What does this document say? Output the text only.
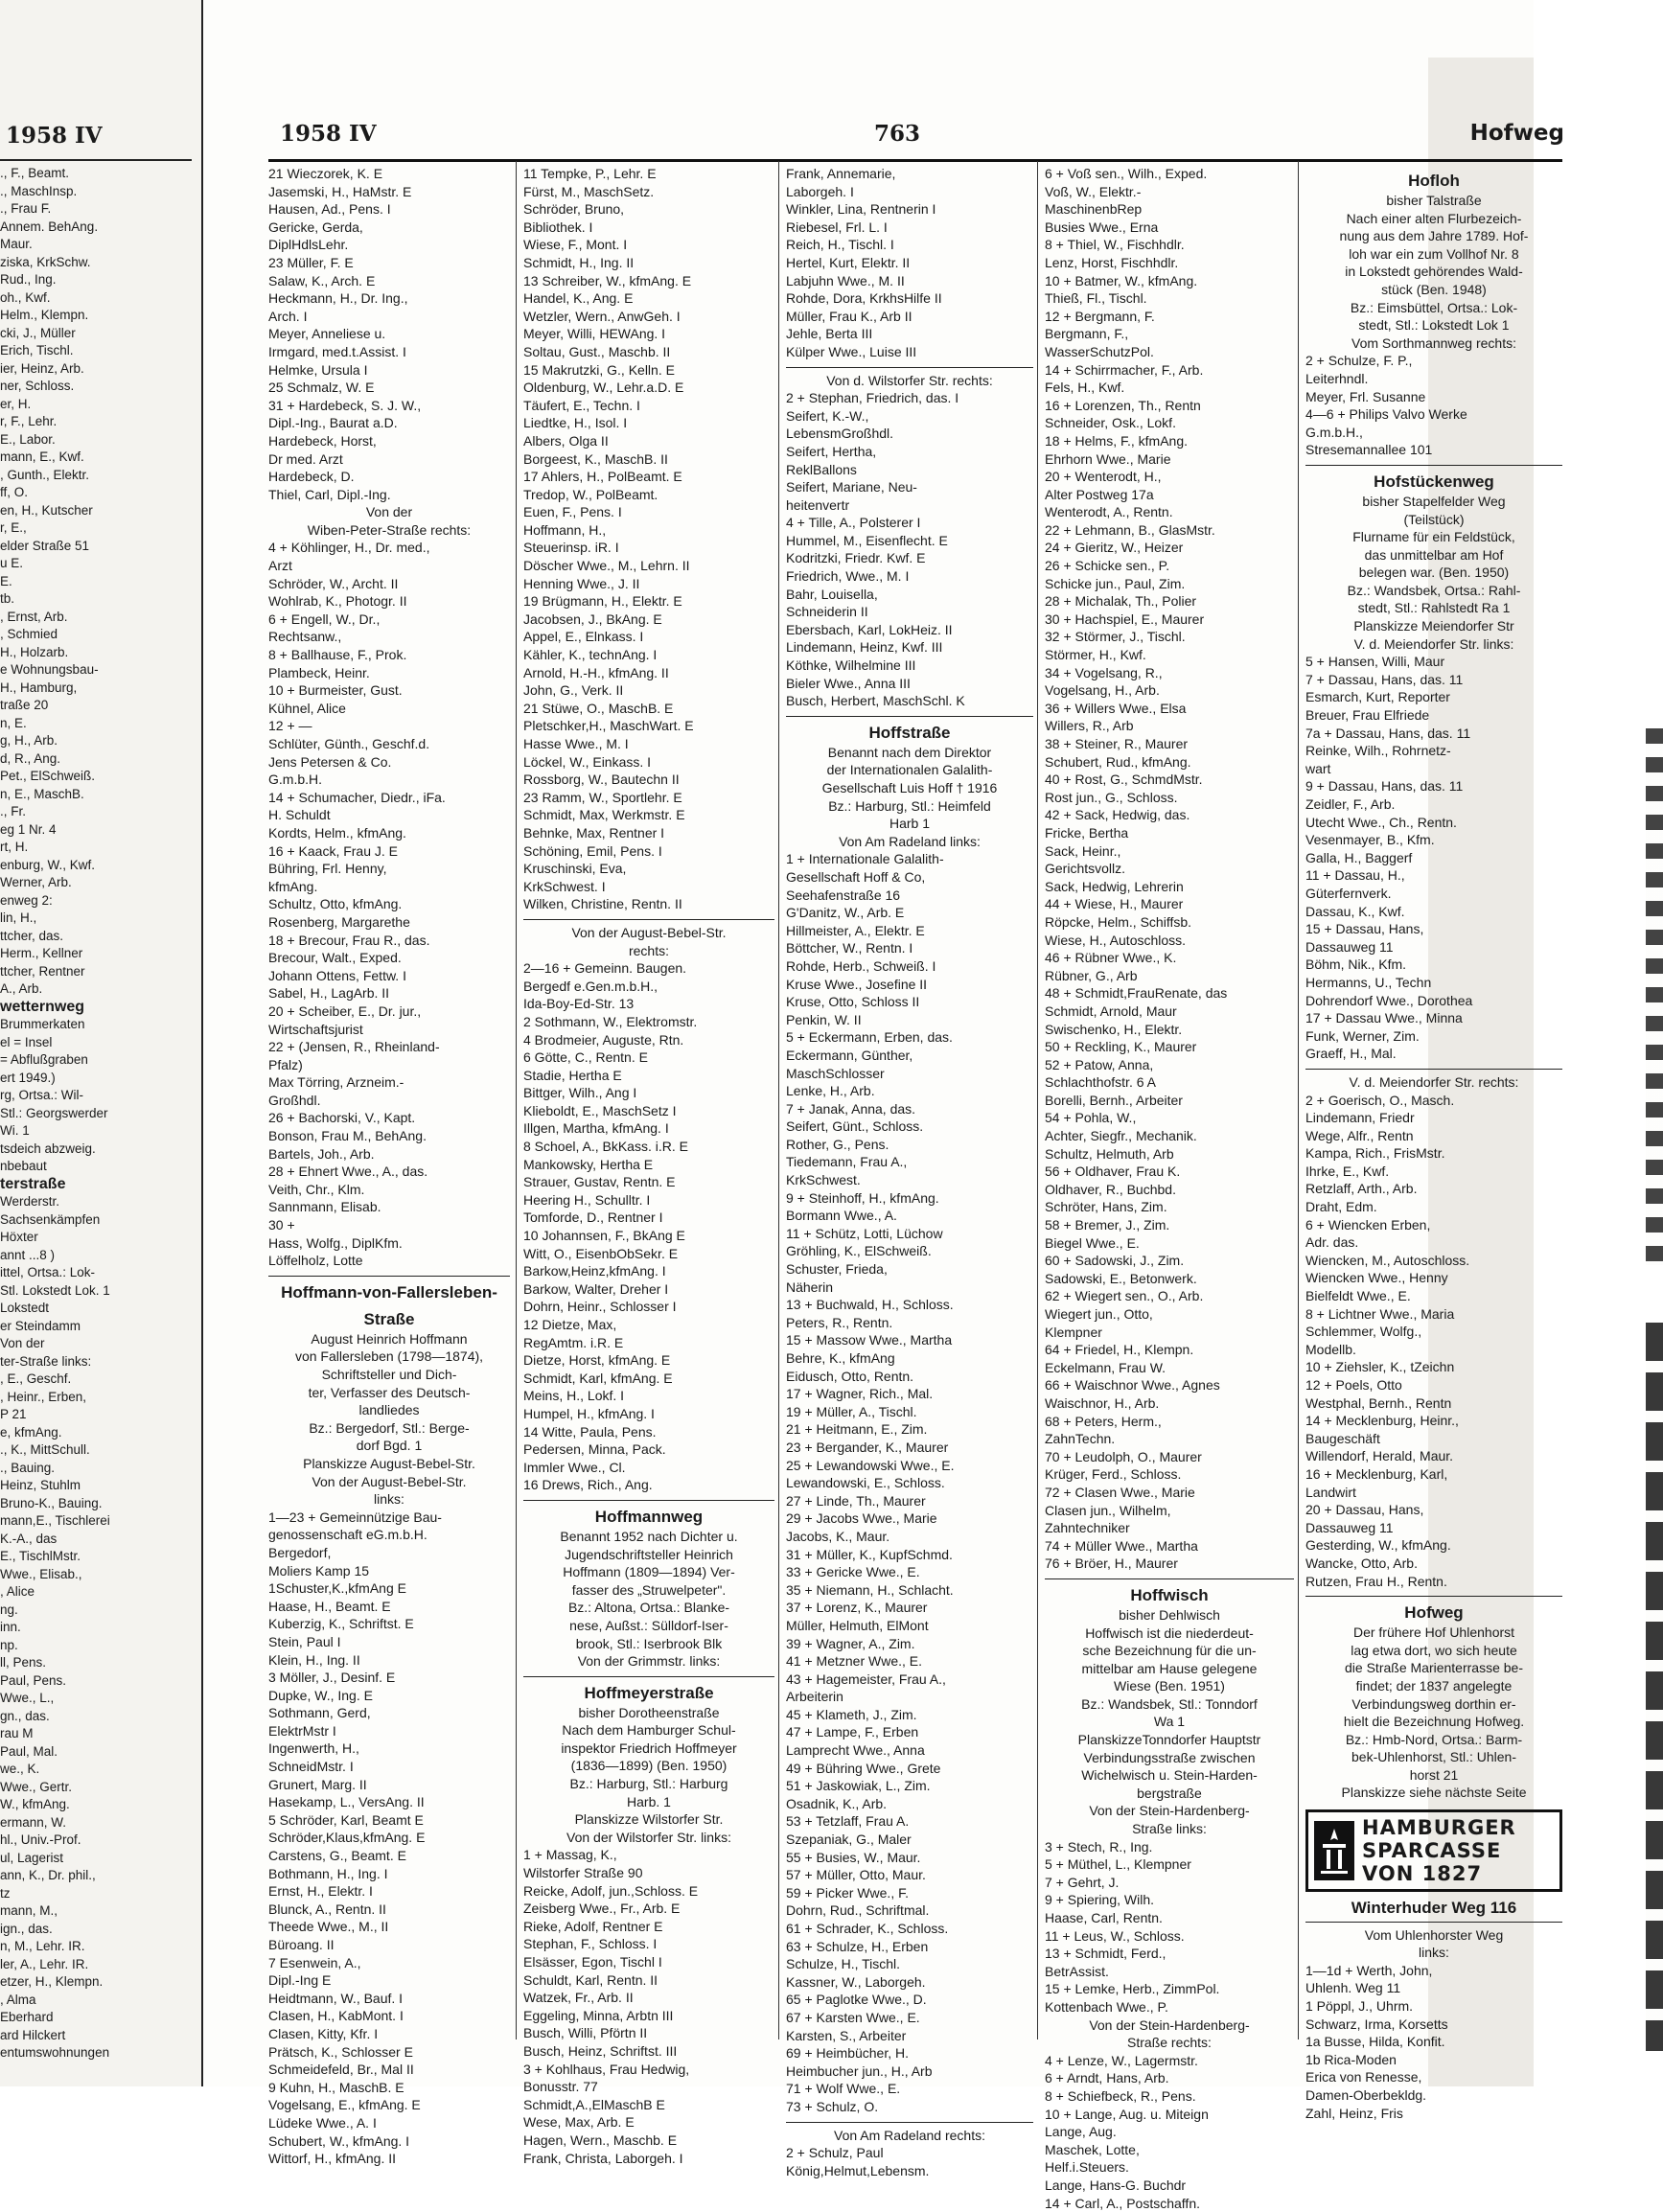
1958 IV
., F., Beamt.
., MaschInsp.
., Frau F.
Annem. BehAng.
Maur.
ziska, KrkSchw.
Rud., Ing.
oh., Kwf.
Helm., Klempn.
cki, J., Müller
Erich, Tischl.
ier, Heinz, Arb.
ner, Schloss.
er, H.
r, F., Lehr.
E., Labor.
mann, E., Kwf.
, Gunth., Elektr.
ff, O.
en, H., Kutscher
r, E.,
elder Straße 51
u E.
E.
tb.
, Ernst, Arb.
, Schmied
H., Holzarb.
e Wohnungsbau-
H., Hamburg,
traße 20
n, E.
g, H., Arb.
d, R., Ang.
Pet., ElSchweiß.
n, E., MaschB.
., Fr.
eg 1 Nr. 4
rt, H.
enburg, W., Kwf.
Werner, Arb.
enweg 2:
lin, H.,
ttcher, das.
Herm., Kellner
ttcher, Rentner
A., Arb.
wetternweg
Brummerkaten
el = Insel
= Abflußgraben
ert 1949.)
rg, Ortsa.: Wil-
Stl.: Georgswerder
Wi. 1
tsdeich abzweig.
nbebaut
terstraße
Werderstr.
Sachsenkämpfen
Höxter
annt ...8 )
ittel, Ortsa.: Lok-
Stl. Lokstedt Lok. 1
Lokstedt
er Steindamm
Von der
ter-Straße links:
, E., Geschf.
, Heinr., Erben,
P 21
e, kfmAng.
., K., MittSchull.
., Bauing.
Heinz, Stuhlm
Bruno-K., Bauing.
mann,E., Tischlerei
K.-A., das
E., TischlMstr.
Wwe., Elisab.,
, Alice
ng.
inn.
np.
ll, Pens.
Paul, Pens.
Wwe., L.,
gn., das.
rau M
Paul, Mal.
we., K.
Wwe., Gertr.
W., kfmAng.
ermann, W.
hl., Univ.-Prof.
ul, Lagerist
ann, K., Dr. phil.,
tz
mann, M.,
ign., das.
n, M., Lehr. IR.
ler, A., Lehr. IR.
etzer, H., Klempn.
, Alma
Eberhard
ard Hilckert
entumswohnungen
1958 IV	763	Hofweg
21 Wieczorek, K. E
Jasemski, H., HaMstr. E
Hausen, Ad., Pens. I
Gericke, Gerda,
DiplHdlsLehr.
23 Müller, F. E
Salaw, K., Arch. E
Heckmann, H., Dr. Ing.,
Arch. I
Meyer, Anneliese u.
Irmgard, med.t.Assist. I
Helmke, Ursula I
25 Schmalz, W. E
31 + Hardebeck, S. J. W.,
Dipl.-Ing., Baurat a.D.
Hardebeck, Horst,
Dr med. Arzt
Hardebeck, D.
Thiel, Carl, Dipl.-Ing.
Von der
Wiben-Peter-Straße rechts:
4 + Köhlinger, H., Dr. med.,
Arzt
Schröder, W., Archt. II
Wohlrab, K., Photogr. II
6 + Engell, W., Dr.,
Rechtsanw.,
8 + Ballhause, F., Prok.
Plambeck, Heinr.
10 + Burmeister, Gust.
Kühnel, Alice
12 + —
Schlüter, Günth., Geschf.d.
Jens Petersen & Co.
G.m.b.H.
14 + Schumacher, Diedr., iFa.
H. Schuldt
Kordts, Helm., kfmAng.
16 + Kaack, Frau J. E
Bühring, Frl. Henny,
kfmAng.
Schultz, Otto, kfmAng.
Rosenberg, Margarethe
18 + Brecour, Frau R., das.
Brecour, Walt., Exped.
Johann Ottens, Fettw. I
Sabel, H., LagArb. II
20 + Scheiber, E., Dr. jur.,
Wirtschaftsjurist
22 + (Jensen, R., Rheinland-
Pfalz)
Max Törring, Arzneim.-
Großhdl.
26 + Bachorski, V., Kapt.
Bonson, Frau M., BehAng.
Bartels, Joh., Arb.
28 + Ehnert Wwe., A., das.
Veith, Chr., Klm.
Sannmann, Elisab.
30 +
Hass, Wolfg., DiplKfm.
Löffelholz, Lotte
Hoffmann-von-Fallersleben-
Straße
August Heinrich Hoffmann
von Fallersleben (1798—1874),
Schriftsteller und Dich-
ter, Verfasser des Deutsch-
landliedes
Bz.: Bergedorf, Stl.: Berge-
dorf Bgd. 1
Planskizze August-Bebel-Str.
Von der August-Bebel-Str.
links:
1—23 + Gemeinnützige Bau-
genossenschaft eG.m.b.H.
Bergedorf,
Moliers Kamp 15
1Schuster,K.,kfmAng E
Haase, H., Beamt. E
Kuberzig, K., Schriftst. E
Stein, Paul I
Klein, H., Ing. II
3 Möller, J., Desinf. E
Dupke, W., Ing. E
Sothmann, Gerd,
ElektrMstr I
Ingenwerth, H.,
SchneidMstr. I
Grunert, Marg. II
Hasekamp, L., VersAng. II
5 Schröder, Karl, Beamt E
Schröder,Klaus,kfmAng. E
Carstens, G., Beamt. E
Bothmann, H., Ing. I
Ernst, H., Elektr. I
Blunck, A., Rentn. II
Theede Wwe., M., II
Büroang. II
7 Esenwein, A.,
Dipl.-Ing E
Heidtmann, W., Bauf. I
Clasen, H., KabMont. I
Clasen, Kitty, Kfr. I
Prätsch, K., Schlosser E
Schmeidefeld, Br., Mal II
9 Kuhn, H., MaschB. E
Vogelsang, E., kfmAng. E
Lüdeke Wwe., A. I
Schubert, W., kfmAng. I
Wittorf, H., kfmAng. II
11 Tempke, P., Lehr. E
Fürst, M., MaschSetz.
Schröder, Bruno,
Bibliothek. I
Wiese, F., Mont. I
Schmidt, H., Ing. II
13 Schreiber, W., kfmAng. E
Handel, K., Ang. E
Wetzler, Wern., AnwGeh. I
Meyer, Willi, HEWAng. I
Soltau, Gust., Maschb. II
15 Makrutzki, G., Kelln. E
Oldenburg, W., Lehr.a.D. E
Täufert, E., Techn. I
Liedtke, H., Isol. I
Albers, Olga II
Borgeest, K., MaschB. II
17 Ahlers, H., PolBeamt. E
Tredop, W., PolBeamt.
Euen, F., Pens. I
Hoffmann, H.,
Steuerinsp. iR. I
Döscher Wwe., M., Lehrn. II
Henning Wwe., J. II
19 Brügmann, H., Elektr. E
Jacobsen, J., BkAng. E
Appel, E., Elnkass. I
Kähler, K., technAng. I
Arnold, H.-H., kfmAng. II
John, G., Verk. II
21 Stüwe, O., MaschB. E
Pletschker,H., MaschWart. E
Hasse Wwe., M. I
Löckel, W., Einkass. I
Rossborg, W., Bautechn II
23 Ramm, W., Sportlehr. E
Schmidt, Max, Werkmstr. E
Behnke, Max, Rentner I
Schöning, Emil, Pens. I
Kruschinski, Eva,
KrkSchwest. I
Wilken, Christine, Rentn. II
Von der August-Bebel-Str.
rechts:
2—16 + Gemeinn. Baugen.
Bergedf e.Gen.m.b.H.,
Ida-Boy-Ed-Str. 13
2 Sothmann, W., Elektromstr.
4 Brodmeier, Auguste, Rtn.
6 Götte, C., Rentn. E
Stadie, Hertha E
Bittger, Wilh., Ang I
Klieboldt, E., MaschSetz I
Illgen, Martha, kfmAng. I
8 Schoel, A., BkKass. i.R. E
Mankowsky, Hertha E
Strauer, Gustav, Rentn. E
Heering H., Schulltr. I
Tomforde, D., Rentner I
10 Johannsen, F., BkAng E
Witt, O., EisenbObSekr. E
Barkow,Heinz,kfmAng. I
Barkow, Walter, Dreher I
Dohrn, Heinr., Schlosser I
12 Dietze, Max,
RegAmtm. i.R. E
Dietze, Horst, kfmAng. E
Schmidt, Karl, kfmAng. E
Meins, H., Lokf. I
Humpel, H., kfmAng. I
14 Witte, Paula, Pens.
Pedersen, Minna, Pack.
Immler Wwe., Cl.
16 Drews, Rich., Ang.
Hoffmannweg
Benannt 1952 nach Dichter u.
Jugendschriftsteller Heinrich
Hoffmann (1809—1894) Ver-
fasser des „Struwelpeter".
Bz.: Altona, Ortsa.: Blanke-
nese, Außst.: Sülldorf-Iser-
brook, Stl.: Iserbrook Blk
Von der Grimmstr. links:
Hoffmeyerstraße
bisher Dorotheenstraße
Nach dem Hamburger Schul-
inspektor Friedrich Hoffmeyer
(1836—1899) (Ben. 1950)
Bz.: Harburg, Stl.: Harburg
Harb. 1
Planskizze Wilstorfer Str.
Von der Wilstorfer Str. links:
1 + Massag, K.,
Wilstorfer Straße 90
Reicke, Adolf, jun.,Schloss. E
Zeisberg Wwe., Fr., Arb. E
Rieke, Adolf, Rentner E
Stephan, F., Schloss. I
Elsässer, Egon, Tischl I
Schuldt, Karl, Rentn. II
Watzek, Fr., Arb. II
Eggeling, Minna, Arbtn III
Busch, Willi, Pförtn II
Busch, Heinz, Schriftst. III
3 + Kohlhaus, Frau Hedwig,
Bonusstr. 77
Schmidt,A.,ElMaschB E
Wese, Max, Arb. E
Hagen, Wern., Maschb. E
Frank, Christa, Laborgeh. I
Frank, Annemarie,
Laborgeh. I
Winkler, Lina, Rentnerin I
Riebesel, Frl. L. I
Reich, H., Tischl. I
Hertel, Kurt, Elektr. II
Labjuhn Wwe., M. II
Rohde, Dora, KrkhsHilfe II
Müller, Frau K., Arb II
Jehle, Berta III
Külper Wwe., Luise III
Von d. Wilstorfer Str. rechts:
2 + Stephan, Friedrich, das. I
Seifert, K.-W.,
LebensmGroßhdl.
Seifert, Hertha,
ReklBallons
Seifert, Mariane, Neu-
heitenvertr
4 + Tille, A., Polsterer I
Hummel, M., Eisenflecht. E
Kodritzki, Friedr. Kwf. E
Friedrich, Wwe., M. I
Bahr, Louisella,
Schneiderin II
Ebersbach, Karl, LokHeiz. II
Lindemann, Heinz, Kwf. III
Köthke, Wilhelmine III
Bieler Wwe., Anna III
Busch, Herbert, MaschSchl. K
Hoffstraße
Benannt nach dem Direktor
der Internationalen Galalith-
Gesellschaft Luis Hoff † 1916
Bz.: Harburg, Stl.: Heimfeld
Harb 1
Von Am Radeland links:
1 + Internationale Galalith-
Gesellschaft Hoff & Co,
Seehafenstraße 16
G'Danitz, W., Arb. E
Hillmeister, A., Elektr. E
Böttcher, W., Rentn. I
Rohde, Herb., Schweiß. I
Kruse Wwe., Josefine II
Kruse, Otto, Schloss II
Penkin, W. II
5 + Eckermann, Erben, das.
Eckermann, Günther,
MaschSchlosser
Lenke, H., Arb.
7 + Janak, Anna, das.
Seifert, Günt., Schloss.
Rother, G., Pens.
Tiedemann, Frau A.,
KrkSchwest.
9 + Steinhoff, H., kfmAng.
Bormann Wwe., A.
11 + Schütz, Lotti, Lüchow
Gröhling, K., ElSchweiß.
Schuster, Frieda,
Näherin
13 + Buchwald, H., Schloss.
Peters, R., Rentn.
15 + Massow Wwe., Martha
Behre, K., kfmAng
Eidusch, Otto, Rentn.
17 + Wagner, Rich., Mal.
19 + Müller, A., Tischl.
21 + Heitmann, E., Zim.
23 + Bergander, K., Maurer
25 + Lewandowski Wwe., E.
Lewandowski, E., Schloss.
27 + Linde, Th., Maurer
29 + Jacobs Wwe., Marie
Jacobs, K., Maur.
31 + Müller, K., KupfSchmd.
33 + Gericke Wwe., E.
35 + Niemann, H., Schlacht.
37 + Lorenz, K., Maurer
Müller, Helmuth, ElMont
39 + Wagner, A., Zim.
41 + Metzner Wwe., E.
43 + Hagemeister, Frau A.,
Arbeiterin
45 + Klameth, J., Zim.
47 + Lampe, F., Erben
Lamprecht Wwe., Anna
49 + Bühring Wwe., Grete
51 + Jaskowiak, L., Zim.
Osadnik, K., Arb.
53 + Tetzlaff, Frau A.
Szepaniak, G., Maler
55 + Busies, W., Maur.
57 + Müller, Otto, Maur.
59 + Picker Wwe., F.
Dohrn, Rud., Schriftmal.
61 + Schrader, K., Schloss.
63 + Schulze, H., Erben
Schulze, H., Tischl.
Kassner, W., Laborgeh.
65 + Paglotke Wwe., D.
67 + Karsten Wwe., E.
Karsten, S., Arbeiter
69 + Heimbücher, H.
Heimbucher jun., H., Arb
71 + Wolf Wwe., E.
73 + Schulz, O.
Von Am Radeland rechts:
2 + Schulz, Paul
König,Helmut,Lebensm.
6 + Voß sen., Wilh., Exped.
Voß, W., Elektr.-
MaschinenbRep
Busies Wwe., Erna
8 + Thiel, W., Fischhdlr.
Lenz, Horst, Fischhdlr.
10 + Batmer, W., kfmAng.
Thieß, Fl., Tischl.
12 + Bergmann, F.
Bergmann, F.,
WasserSchutzPol.
14 + Schirrmacher, F., Arb.
Fels, H., Kwf.
16 + Lorenzen, Th., Rentn
Schneider, Osk., Lokf.
18 + Helms, F., kfmAng.
Ehrhorn Wwe., Marie
20 + Wenterodt, H.,
Alter Postweg 17a
Wenterodt, A., Rentn.
22 + Lehmann, B., GlasMstr.
24 + Gieritz, W., Heizer
26 + Schicke sen., P.
Schicke jun., Paul, Zim.
28 + Michalak, Th., Polier
30 + Hachspiel, E., Maurer
32 + Störmer, J., Tischl.
Störmer, H., Kwf.
34 + Vogelsang, R.,
Vogelsang, H., Arb.
36 + Willers Wwe., Elsa
Willers, R., Arb
38 + Steiner, R., Maurer
Schubert, Rud., kfmAng.
40 + Rost, G., SchmdMstr.
Rost jun., G., Schloss.
42 + Sack, Hedwig, das.
Fricke, Bertha
Sack, Heinr.,
Gerichtsvollz.
Sack, Hedwig, Lehrerin
44 + Wiese, H., Maurer
Röpcke, Helm., Schiffsb.
Wiese, H., Autoschloss.
46 + Rübner Wwe., K.
Rübner, G., Arb
48 + Schmidt,FrauRenate, das
Schmidt, Arnold, Maur
Swischenko, H., Elektr.
50 + Reckling, K., Maurer
52 + Patow, Anna,
Schlachthofstr. 6 A
Borelli, Bernh., Arbeiter
54 + Pohla, W.,
Achter, Siegfr., Mechanik.
Schultz, Helmuth, Arb
56 + Oldhaver, Frau K.
Oldhaver, R., Buchbd.
Schröter, Hans, Zim.
58 + Bremer, J., Zim.
Biegel Wwe., E.
60 + Sadowski, J., Zim.
Sadowski, E., Betonwerk.
62 + Wiegert sen., O., Arb.
Wiegert jun., Otto,
Klempner
64 + Friedel, H., Klempn.
Eckelmann, Frau W.
66 + Waischnor Wwe., Agnes
Waischnor, H., Arb.
68 + Peters, Herm.,
ZahnTechn.
70 + Leudolph, O., Maurer
Krüger, Ferd., Schloss.
72 + Clasen Wwe., Marie
Clasen jun., Wilhelm,
Zahntechniker
74 + Müller Wwe., Martha
76 + Bröer, H., Maurer
Hoffwisch
bisher Dehlwisch
Hoffwisch ist die niederdeut-
sche Bezeichnung für die un-
mittelbar am Hause gelegene
Wiese (Ben. 1951)
Bz.: Wandsbek, Stl.: Tonndorf
Wa 1
PlanskizzeTonndorfer Hauptstr
Verbindungsstraße zwischen
Wichelwisch u. Stein-Harden-
bergstraße
Von der Stein-Hardenberg-
Straße links:
3 + Stech, R., Ing.
5 + Müthel, L., Klempner
7 + Gehrt, J.
9 + Spiering, Wilh.
Haase, Carl, Rentn.
11 + Leus, W., Schloss.
13 + Schmidt, Ferd.,
BetrAssist.
15 + Lemke, Herb., ZimmPol.
Kottenbach Wwe., P.
Von der Stein-Hardenberg-
Straße rechts:
4 + Lenze, W., Lagermstr.
6 + Arndt, Hans, Arb.
8 + Schiefbeck, R., Pens.
10 + Lange, Aug. u. Miteign
Lange, Aug.
Maschek, Lotte,
Helf.i.Steuers.
Lange, Hans-G. Buchdr
14 + Carl, A., Postschaffn.
Hofloh
bisher Talstraße
Nach einer alten Flurbezeich-
nung aus dem Jahre 1789. Hof-
loh war ein zum Vollhof Nr. 8
in Lokstedt gehörendes Wald-
stück (Ben. 1948)
Bz.: Eimsbüttel, Ortsa.: Lok-
stedt, Stl.: Lokstedt Lok 1
Vom Sorthmannweg rechts:
2 + Schulze, F. P.,
Leiterhndl.
Meyer, Frl. Susanne
4—6 + Philips Valvo Werke
G.m.b.H.,
Stresemannallee 101
Hofstückenweg
bisher Stapelfelder Weg
(Teilstück)
Flurname für ein Feldstück,
das unmittelbar am Hof
belegen war. (Ben. 1950)
Bz.: Wandsbek, Ortsa.: Rahl-
stedt, Stl.: Rahlstedt Ra 1
Planskizze Meiendorfer Str
V. d. Meiendorfer Str. links:
5 + Hansen, Willi, Maur
7 + Dassau, Hans, das. 11
Esmarch, Kurt, Reporter
Breuer, Frau Elfriede
7a + Dassau, Hans, das. 11
Reinke, Wilh., Rohrnetz-
wart
9 + Dassau, Hans, das. 11
Zeidler, F., Arb.
Utecht Wwe., Ch., Rentn.
Vesenmayer, B., Kfm.
Galla, H., Baggerf
11 + Dassau, H.,
Güterfernverk.
Dassau, K., Kwf.
15 + Dassau, Hans,
Dassauweg 11
Böhm, Nik., Kfm.
Hermanns, U., Techn
Dohrendorf Wwe., Dorothea
17 + Dassau Wwe., Minna
Funk, Werner, Zim.
Graeff, H., Mal.
V. d. Meiendorfer Str. rechts:
2 + Goerisch, O., Masch.
Lindemann, Friedr
Wege, Alfr., Rentn
Kampa, Rich., FrisMstr.
Ihrke, E., Kwf.
Retzlaff, Arth., Arb.
Draht, Edm.
6 + Wiencken Erben,
Adr. das.
Wiencken, M., Autoschloss.
Wiencken Wwe., Henny
Bielfeldt Wwe., E.
8 + Lichtner Wwe., Maria
Schlemmer, Wolfg.,
Modellb.
10 + Ziehsler, K., tZeichn
12 + Poels, Otto
Westphal, Bernh., Rentn
14 + Mecklenburg, Heinr.,
Baugeschäft
Willendorf, Herald, Maur.
16 + Mecklenburg, Karl,
Landwirt
20 + Dassau, Hans,
Dassauweg 11
Gesterding, W., kfmAng.
Wancke, Otto, Arb.
Rutzen, Frau H., Rentn.
Hofweg
Der frühere Hof Uhlenhorst
lag etwa dort, wo sich heute
die Straße Marienterrasse be-
findet; der 1837 angelegte
Verbindungsweg dorthin er-
hielt die Bezeichnung Hofweg.
Bz.: Hmb-Nord, Ortsa.: Barm-
bek-Uhlenhorst, Stl.: Uhlen-
horst 21
Planskizze siehe nächste Seite
HAMBURGER
SPARCASSE
VON 1827
Winterhuder Weg 116
Vom Uhlenhorster Weg
links:
1—1d + Werth, John,
Uhlenh. Weg 11
1 Pöppl, J., Uhrm.
Schwarz, Irma, Korsetts
1a Busse, Hilda, Konfit.
1b Rica-Moden
Erica von Renesse,
Damen-Oberbekldg.
Zahl, Heinz, Fris
